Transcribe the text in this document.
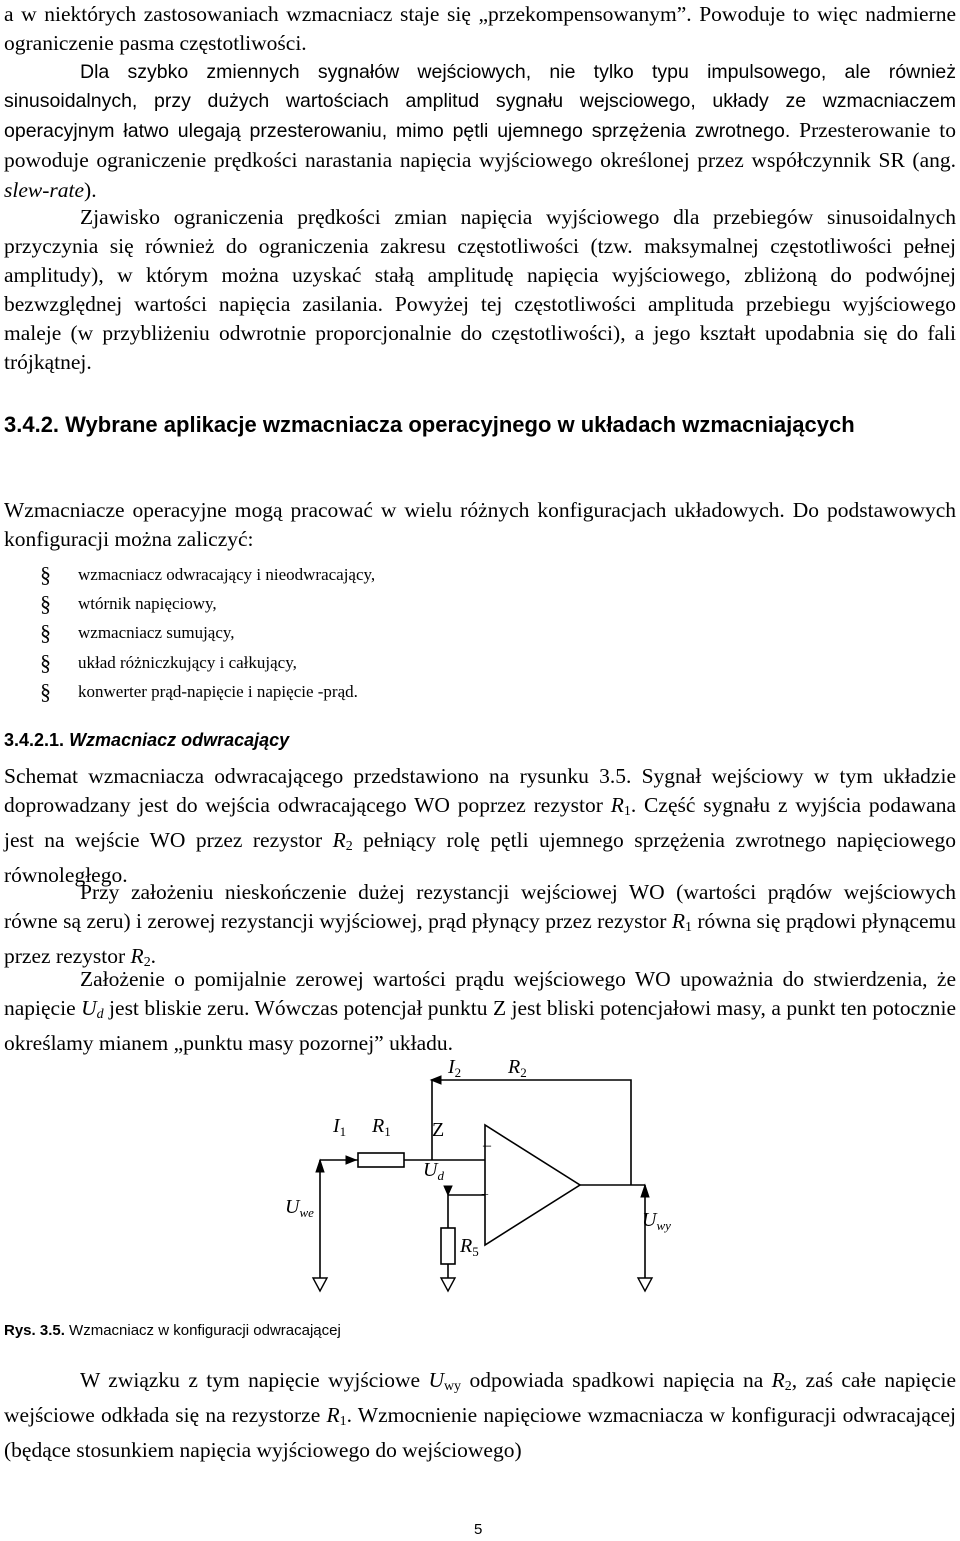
a w niektórych zastosowaniach wzmacniacz staje się „przekompensowanym”. Powoduje to więc nadmierne ograniczenie pasma częstotliwości.

Dla szybko zmiennych sygnałów wejściowych, nie tylko typu impulsowego, ale również sinusoidalnych, przy dużych wartościach amplitud sygnału wejsciowego, układy ze wzmacniaczem operacyjnym łatwo ulegają przesterowaniu, mimo pętli ujemnego sprzężenia zwrotnego. Przesterowanie to powoduje ograniczenie prędkości narastania napięcia wyjściowego określonej przez współczynnik SR (ang. slew-rate).

Zjawisko ograniczenia prędkości zmian napięcia wyjściowego dla przebiegów sinusoidalnych przyczynia się również do ograniczenia zakresu częstotliwości (tzw. maksymalnej częstotliwości pełnej amplitudy), w którym można uzyskać stałą amplitudę napięcia wyjściowego, zbliżoną do podwójnej bezwzględnej wartości napięcia zasilania. Powyżej tej częstotliwości amplituda przebiegu wyjściowego maleje (w przybliżeniu odwrotnie proporcjonalnie do częstotliwości), a jego kształt upodabnia się do fali trójkątnej.

3.4.2. Wybrane aplikacje wzmacniacza operacyjnego w układach wzmacniających

Wzmacniacze operacyjne mogą pracować w wielu różnych konfiguracjach układowych. Do podstawowych konfiguracji można zaliczyć:

§	wzmacniacz odwracający i nieodwracający,
§	wtórnik napięciowy,
§	wzmacniacz sumujący,
§	układ różniczkujący i całkujący,
§	konwerter prąd-napięcie i napięcie -prąd.
3.4.2.1. Wzmacniacz odwracający

Schemat wzmacniacza odwracającego przedstawiono na rysunku 3.5. Sygnał wejściowy w tym układzie doprowadzany jest do wejścia odwracającego WO poprzez rezystor $R_1$. Część sygnału z wyjścia podawana jest na wejście WO przez rezystor $R_2$ pełniący rolę pętli ujemnego sprzężenia zwrotnego napięciowego równoległego.

Przy założeniu nieskończenie dużej rezystancji wejściowej WO (wartości prądów wejściowych równe są zeru) i zerowej rezystancji wyjściowej, prąd płynący przez rezystor $R_1$ równa się prądowi płynącemu przez rezystor $R_2$.

Założenie o pomijalnie zerowej wartości prądu wejściowego WO upoważnia do stwierdzenia, że napięcie $U_d$ jest bliskie zeru. Wówczas potencjał punktu Z jest bliski potencjałowi masy, a punkt ten potocznie określamy mianem „punktu masy pozornej” układu.

$I_2$ $R_2$
$I_1$ $R_1$ Z
–
+
$U_d$
$U_{we}$	$U_{wy}$
$R_5$
Rys. 3.5. Wzmacniacz w konfiguracji odwracającej

W związku z tym napięcie wyjściowe $U_{wy}$ odpowiada spadkowi napięcia na $R_2$, zaś całe napięcie wejściowe odkłada się na rezystorze $R_1$. Wzmocnienie napięciowe wzmacniacza w konfiguracji odwracającej (będące stosunkiem napięcia wyjściowego do wejściowego)

5
